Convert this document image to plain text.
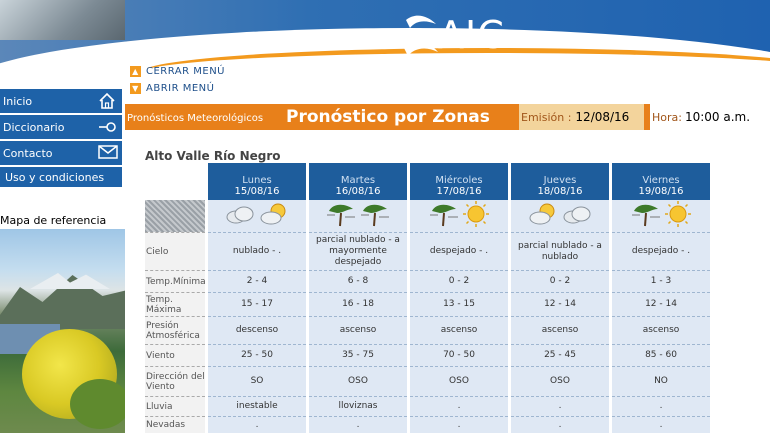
AIC
▲ CERRAR MENÚ
▼ ABRIR MENÚ
Inicio
Diccionario
Contacto
Uso y condiciones
Mapa de referencia
Pronósticos Meteorológicos Pronóstico por Zonas	Emisión : 12/08/16	Hora: 10:00 a.m.
Alto Valle Río Negro
Cielo
Temp.Mínima
Temp. Máxima
Presión Atmosférica
Viento
Dirección del Viento
Lluvia
Nevadas
Lunes
15/08/16
nublado - .
2 - 4
15 - 17
descenso
25 - 50
SO
inestable
.
Martes
16/08/16
parcial nublado - a mayormente despejado
6 - 8
16 - 18
ascenso
35 - 75
OSO
lloviznas
.
Miércoles
17/08/16
despejado - .
0 - 2
13 - 15
ascenso
70 - 50
OSO
.
.
Jueves
18/08/16
parcial nublado - a nublado
0 - 2
12 - 14
ascenso
25 - 45
OSO
.
.
Viernes
19/08/16
despejado - .
1 - 3
12 - 14
ascenso
85 - 60
NO
.
.
